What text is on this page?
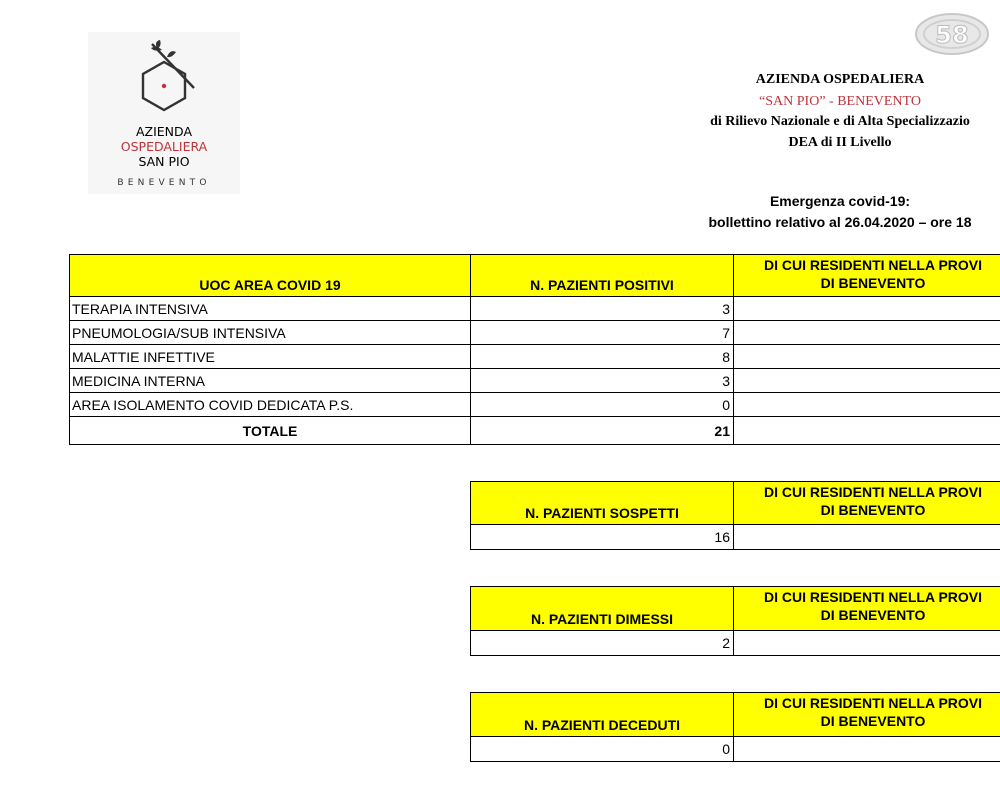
AZIENDA
OSPEDALIERA
SAN PIO
BENEVENTO
58
AZIENDA OSPEDALIERA
“SAN PIO” - BENEVENTO
di Rilievo Nazionale e di Alta Specializzazio
DEA di II Livello
Emergenza covid-19:
bollettino relativo al 26.04.2020 – ore 18
UOC AREA COVID 19	N. PAZIENTI POSITIVI
DI CUI RESIDENTI NELLA PROVI
DI BENEVENTO
TERAPIA INTENSIVA	3
PNEUMOLOGIA/SUB INTENSIVA	7
MALATTIE INFETTIVE	8
MEDICINA INTERNA	3
AREA ISOLAMENTO COVID DEDICATA P.S.	0
TOTALE	21
N. PAZIENTI SOSPETTI
DI CUI RESIDENTI NELLA PROVI
DI BENEVENTO
16
N. PAZIENTI DIMESSI
DI CUI RESIDENTI NELLA PROVI
DI BENEVENTO
2
N. PAZIENTI DECEDUTI
DI CUI RESIDENTI NELLA PROVI
DI BENEVENTO
0
